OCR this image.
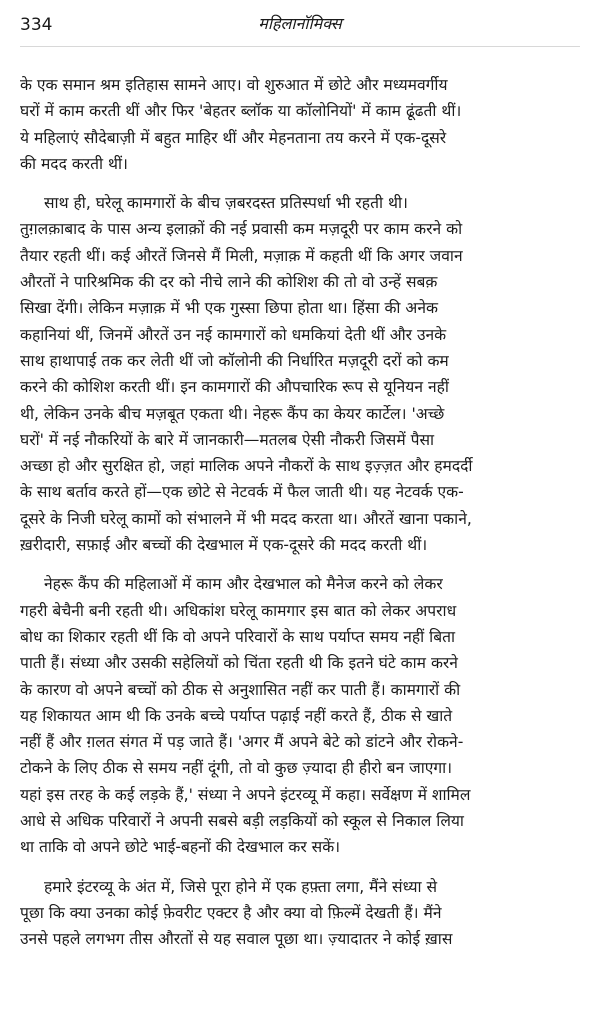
334	महिलानॉमिक्स
के एक समान श्रम इतिहास सामने आए। वो शुरुआत में छोटे और मध्यमवर्गीय
घरों में काम करती थीं और फिर 'बेहतर ब्लॉक या कॉलोनियों' में काम ढूंढती थीं।
ये महिलाएं सौदेबाज़ी में बहुत माहिर थीं और मेहनताना तय करने में एक-दूसरे
की मदद करती थीं।
साथ ही, घरेलू कामगारों के बीच ज़बरदस्त प्रतिस्पर्धा भी रहती थी।
तुग़लक़ाबाद के पास अन्य इलाक़ों की नई प्रवासी कम मज़दूरी पर काम करने को
तैयार रहती थीं। कई औरतें जिनसे मैं मिली, मज़ाक़ में कहती थीं कि अगर जवान
औरतों ने पारिश्रमिक की दर को नीचे लाने की कोशिश की तो वो उन्हें सबक़
सिखा देंगी। लेकिन मज़ाक़ में भी एक गुस्सा छिपा होता था। हिंसा की अनेक
कहानियां थीं, जिनमें औरतें उन नई कामगारों को धमकियां देती थीं और उनके
साथ हाथापाई तक कर लेती थीं जो कॉलोनी की निर्धारित मज़दूरी दरों को कम
करने की कोशिश करती थीं। इन कामगारों की औपचारिक रूप से यूनियन नहीं
थी, लेकिन उनके बीच मज़बूत एकता थी। नेहरू कैंप का केयर कार्टेल। 'अच्छे
घरों' में नई नौकरियों के बारे में जानकारी—मतलब ऐसी नौकरी जिसमें पैसा
अच्छा हो और सुरक्षित हो, जहां मालिक अपने नौकरों के साथ इज़्ज़त और हमदर्दी
के साथ बर्ताव करते हों—एक छोटे से नेटवर्क में फैल जाती थी। यह नेटवर्क एक-
दूसरे के निजी घरेलू कामों को संभालने में भी मदद करता था। औरतें खाना पकाने,
ख़रीदारी, सफ़ाई और बच्चों की देखभाल में एक-दूसरे की मदद करती थीं।
नेहरू कैंप की महिलाओं में काम और देखभाल को मैनेज करने को लेकर
गहरी बेचैनी बनी रहती थी। अधिकांश घरेलू कामगार इस बात को लेकर अपराध
बोध का शिकार रहती थीं कि वो अपने परिवारों के साथ पर्याप्त समय नहीं बिता
पाती हैं। संध्या और उसकी सहेलियों को चिंता रहती थी कि इतने घंटे काम करने
के कारण वो अपने बच्चों को ठीक से अनुशासित नहीं कर पाती हैं। कामगारों की
यह शिकायत आम थी कि उनके बच्चे पर्याप्त पढ़ाई नहीं करते हैं, ठीक से खाते
नहीं हैं और ग़लत संगत में पड़ जाते हैं। 'अगर मैं अपने बेटे को डांटने और रोकने-
टोकने के लिए ठीक से समय नहीं दूंगी, तो वो कुछ ज़्यादा ही हीरो बन जाएगा।
यहां इस तरह के कई लड़के हैं,' संध्या ने अपने इंटरव्यू में कहा। सर्वेक्षण में शामिल
आधे से अधिक परिवारों ने अपनी सबसे बड़ी लड़कियों को स्कूल से निकाल लिया
था ताकि वो अपने छोटे भाई-बहनों की देखभाल कर सकें।
हमारे इंटरव्यू के अंत में, जिसे पूरा होने में एक हफ़्ता लगा, मैंने संध्या से
पूछा कि क्या उनका कोई फ़ेवरीट एक्टर है और क्या वो फ़िल्में देखती हैं। मैंने
उनसे पहले लगभग तीस औरतों से यह सवाल पूछा था। ज़्यादातर ने कोई ख़ास
